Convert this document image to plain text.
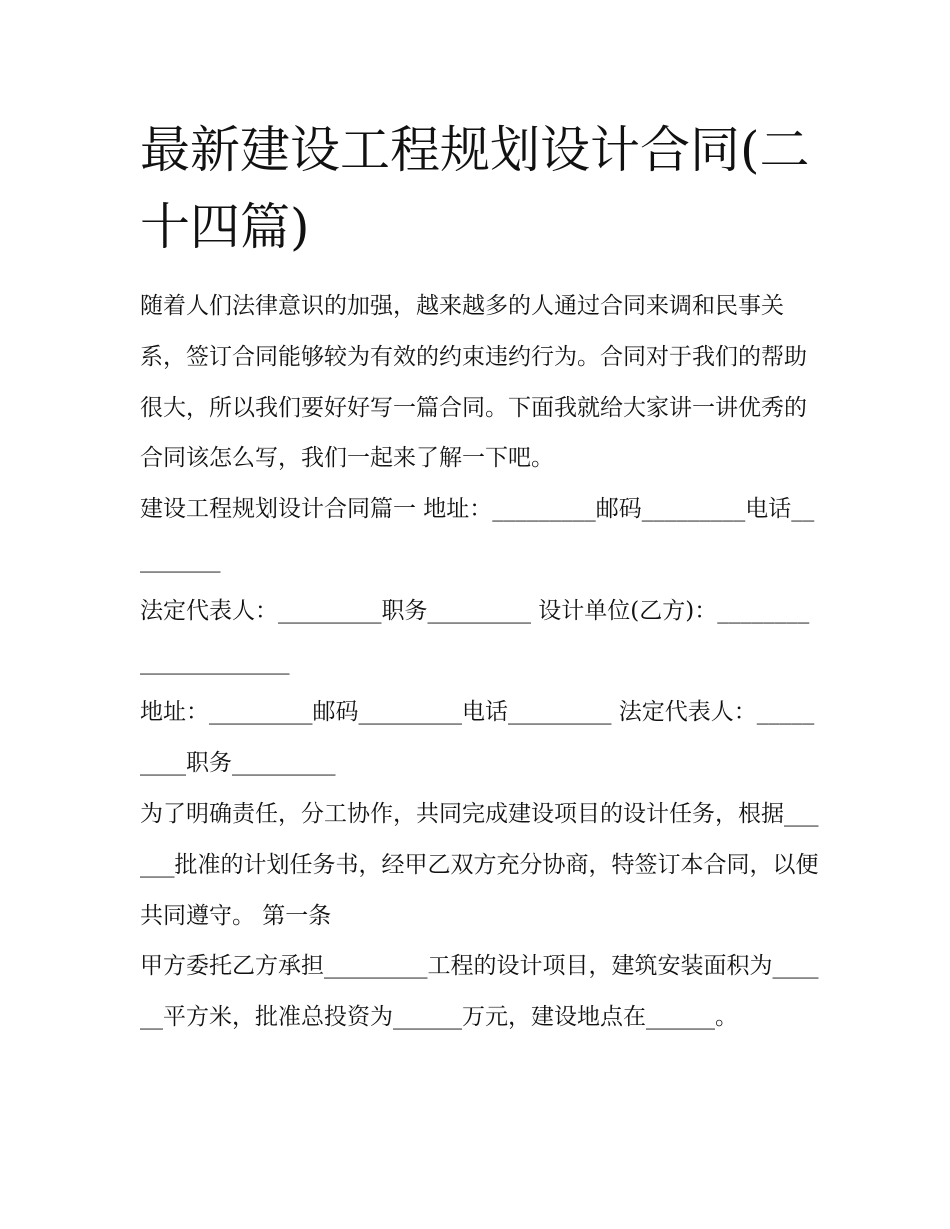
最新建设工程规划设计合同(二十四篇)

随着人们法律意识的加强，越来越多的人通过合同来调和民事关系，签订合同能够较为有效的约束违约行为。合同对于我们的帮助很大，所以我们要好好写一篇合同。下面我就给大家讲一讲优秀的合同该怎么写，我们一起来了解一下吧。

建设工程规划设计合同篇一 地址：_________邮码_________电话_________

法定代表人：_________职务_________ 设计单位(乙方)：_____________________

地址：_________邮码_________电话_________ 法定代表人：_________职务_________

为了明确责任，分工协作，共同完成建设项目的设计任务，根据______批准的计划任务书，经甲乙双方充分协商，特签订本合同，以便共同遵守。 第一条

甲方委托乙方承担_________工程的设计项目，建筑安装面积为______平方米，批准总投资为______万元，建设地点在______。
